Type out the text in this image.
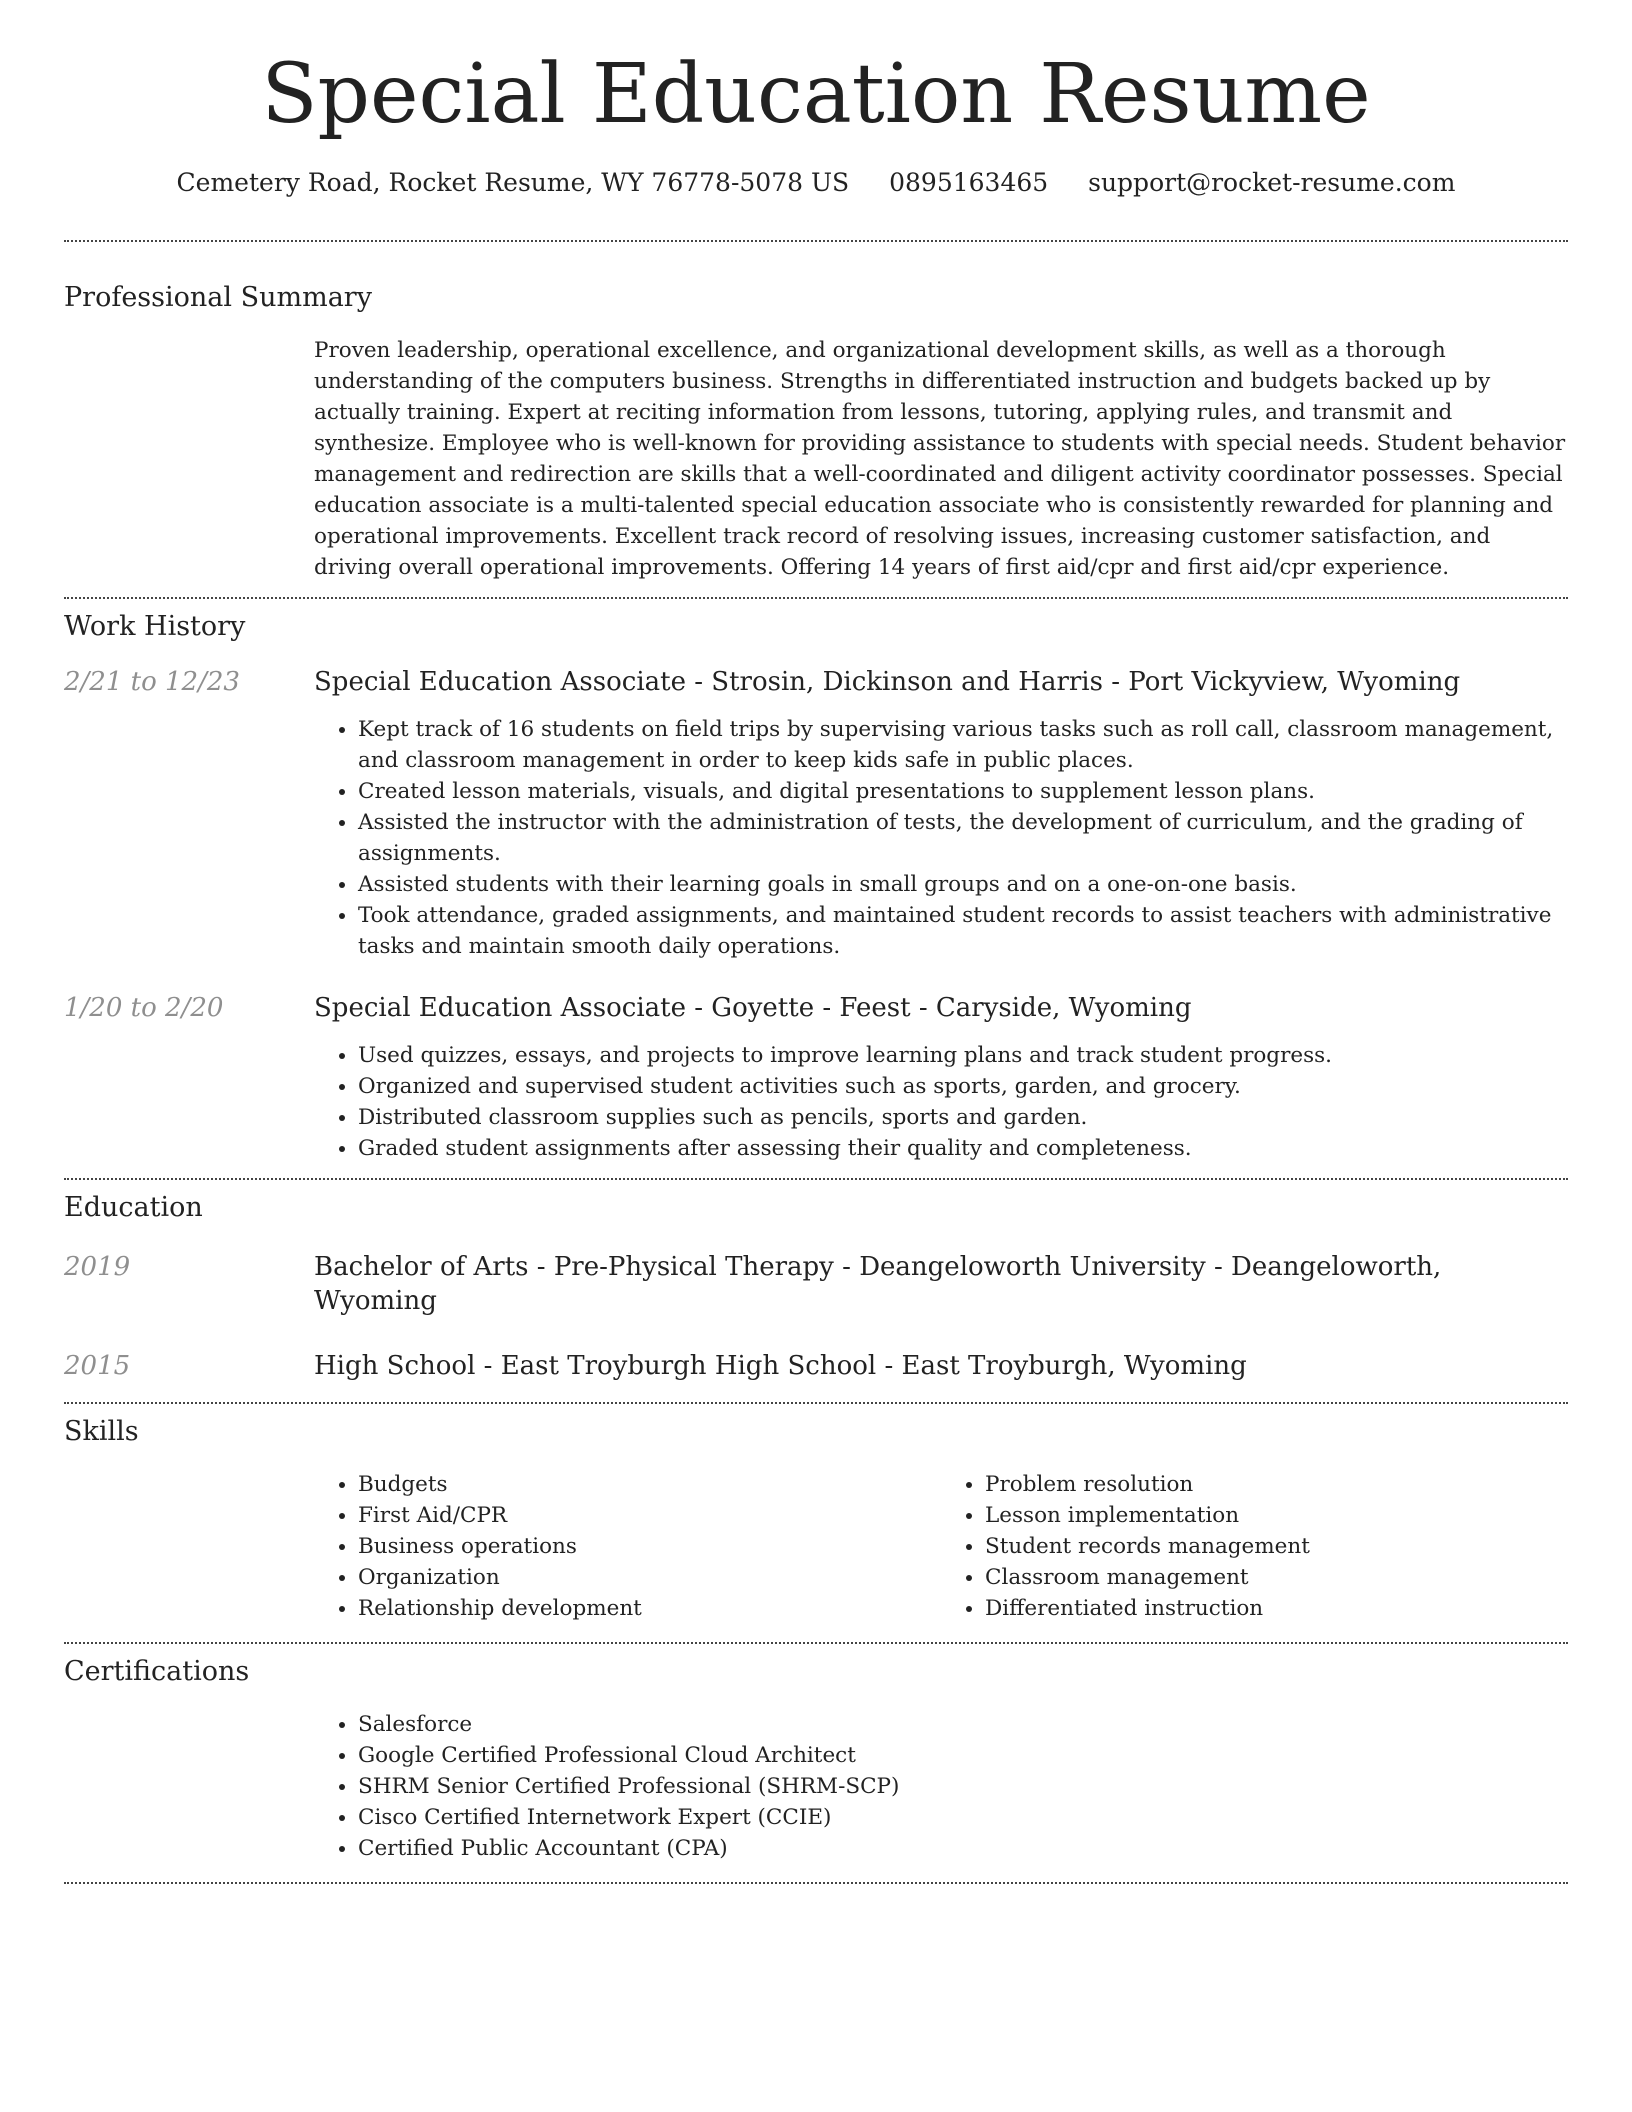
Special Education Resume
Cemetery Road, Rocket Resume, WY 76778-5078 US 0895163465 support@rocket-resume.com
Professional Summary
Proven leadership, operational excellence, and organizational development skills, as well as a thorough understanding of the computers business. Strengths in differentiated instruction and budgets backed up by actually training. Expert at reciting information from lessons, tutoring, applying rules, and transmit and synthesize. Employee who is well-known for providing assistance to students with special needs. Student behavior management and redirection are skills that a well-coordinated and diligent activity coordinator possesses. Special education associate is a multi-talented special education associate who is consistently rewarded for planning and operational improvements. Excellent track record of resolving issues, increasing customer satisfaction, and driving overall operational improvements. Offering 14 years of first aid/cpr and first aid/cpr experience.
Work History
2/21 to 12/23	Special Education Associate - Strosin, Dickinson and Harris - Port Vickyview, Wyoming
• Kept track of 16 students on field trips by supervising various tasks such as roll call, classroom management, and classroom management in order to keep kids safe in public places.
• Created lesson materials, visuals, and digital presentations to supplement lesson plans.
• Assisted the instructor with the administration of tests, the development of curriculum, and the grading of assignments.
• Assisted students with their learning goals in small groups and on a one-on-one basis.
• Took attendance, graded assignments, and maintained student records to assist teachers with administrative tasks and maintain smooth daily operations.
1/20 to 2/20	Special Education Associate - Goyette - Feest - Caryside, Wyoming
• Used quizzes, essays, and projects to improve learning plans and track student progress.
• Organized and supervised student activities such as sports, garden, and grocery.
• Distributed classroom supplies such as pencils, sports and garden.
• Graded student assignments after assessing their quality and completeness.
Education
2019	Bachelor of Arts - Pre-Physical Therapy - Deangeloworth University - Deangeloworth, Wyoming
2015	High School - East Troyburgh High School - East Troyburgh, Wyoming
Skills
• Budgets
• First Aid/CPR
• Business operations
• Organization
• Relationship development
• Problem resolution
• Lesson implementation
• Student records management
• Classroom management
• Differentiated instruction
Certifications
• Salesforce
• Google Certified Professional Cloud Architect
• SHRM Senior Certified Professional (SHRM-SCP)
• Cisco Certified Internetwork Expert (CCIE)
• Certified Public Accountant (CPA)
